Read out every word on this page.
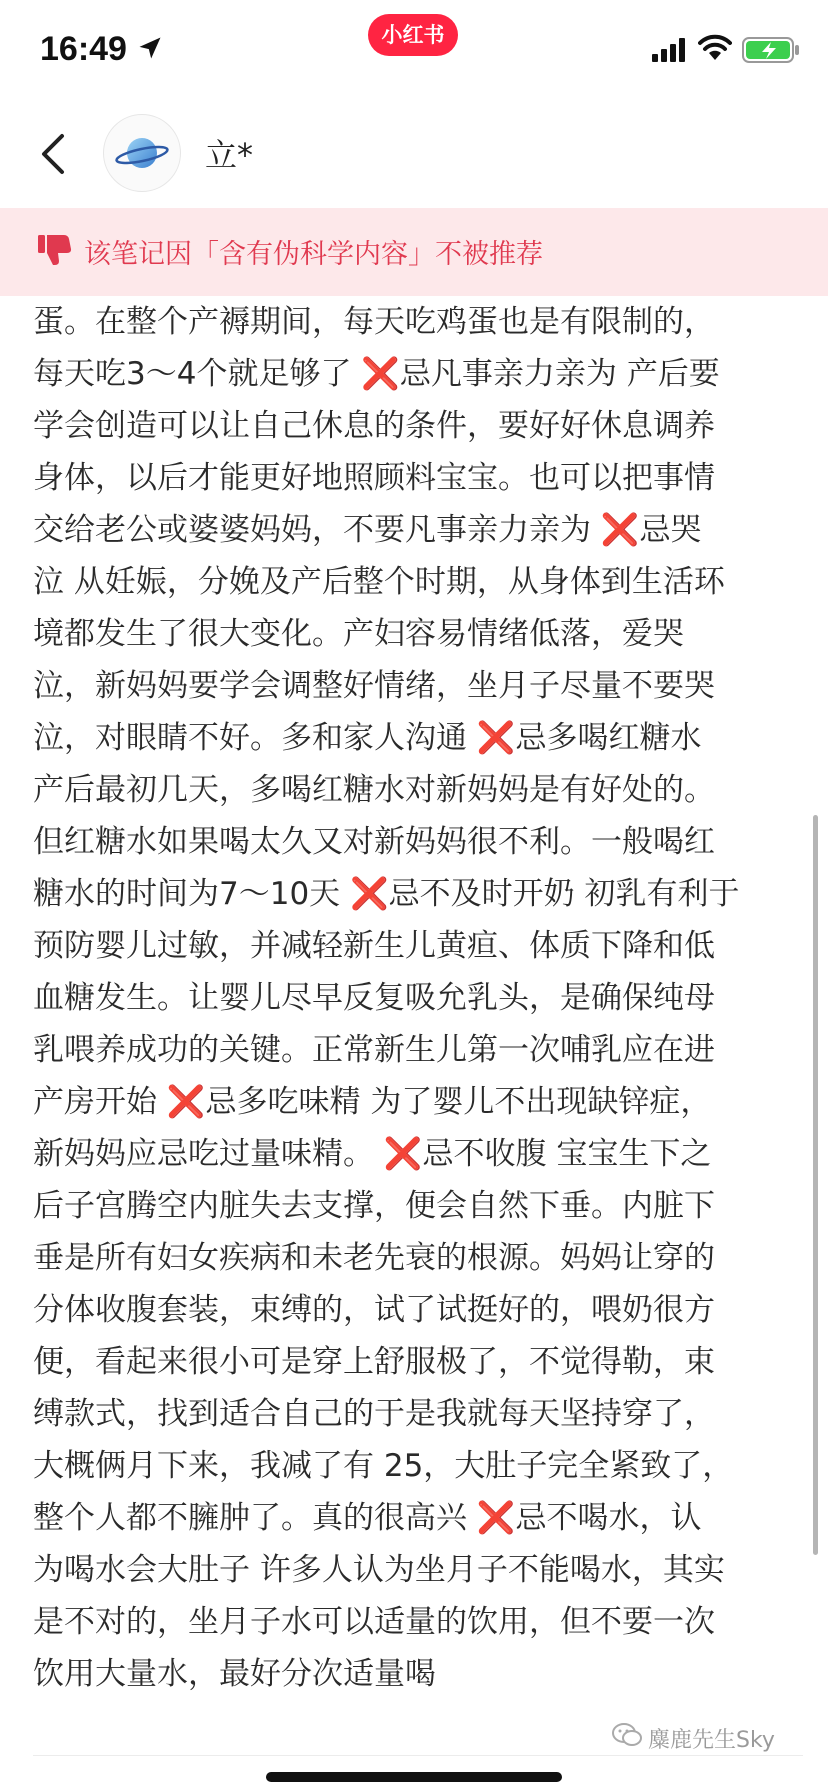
16:49	小红书
立*
该笔记因「含有伪科学内容」不被推荐
蛋。在整个产褥期间，每天吃鸡蛋也是有限制的，
每天吃3～4个就足够了 ❌忌凡事亲力亲为 产后要
学会创造可以让自己休息的条件，要好好休息调养
身体，以后才能更好地照顾料宝宝。也可以把事情
交给老公或婆婆妈妈，不要凡事亲力亲为 ❌忌哭
泣 从妊娠，分娩及产后整个时期，从身体到生活环
境都发生了很大变化。产妇容易情绪低落，爱哭
泣，新妈妈要学会调整好情绪，坐月子尽量不要哭
泣，对眼睛不好。多和家人沟通 ❌忌多喝红糖水
产后最初几天，多喝红糖水对新妈妈是有好处的。
但红糖水如果喝太久又对新妈妈很不利。一般喝红
糖水的时间为7～10天 ❌忌不及时开奶 初乳有利于
预防婴儿过敏，并减轻新生儿黄疸、体质下降和低
血糖发生。让婴儿尽早反复吸允乳头，是确保纯母
乳喂养成功的关键。正常新生儿第一次哺乳应在进
产房开始 ❌忌多吃味精 为了婴儿不出现缺锌症，
新妈妈应忌吃过量味精。 ❌忌不收腹 宝宝生下之
后子宫腾空内脏失去支撑，便会自然下垂。内脏下
垂是所有妇女疾病和未老先衰的根源。妈妈让穿的
分体收腹套装，束缚的，试了试挺好的，喂奶很方
便，看起来很小可是穿上舒服极了，不觉得勒，束
缚款式，找到适合自己的于是我就每天坚持穿了，
大概俩月下来，我减了有 25，大肚子完全紧致了，
整个人都不臃肿了。真的很高兴 ❌忌不喝水，认
为喝水会大肚子 许多人认为坐月子不能喝水，其实
是不对的，坐月子水可以适量的饮用，但不要一次
饮用大量水，最好分次适量喝
麋鹿先生Sky
